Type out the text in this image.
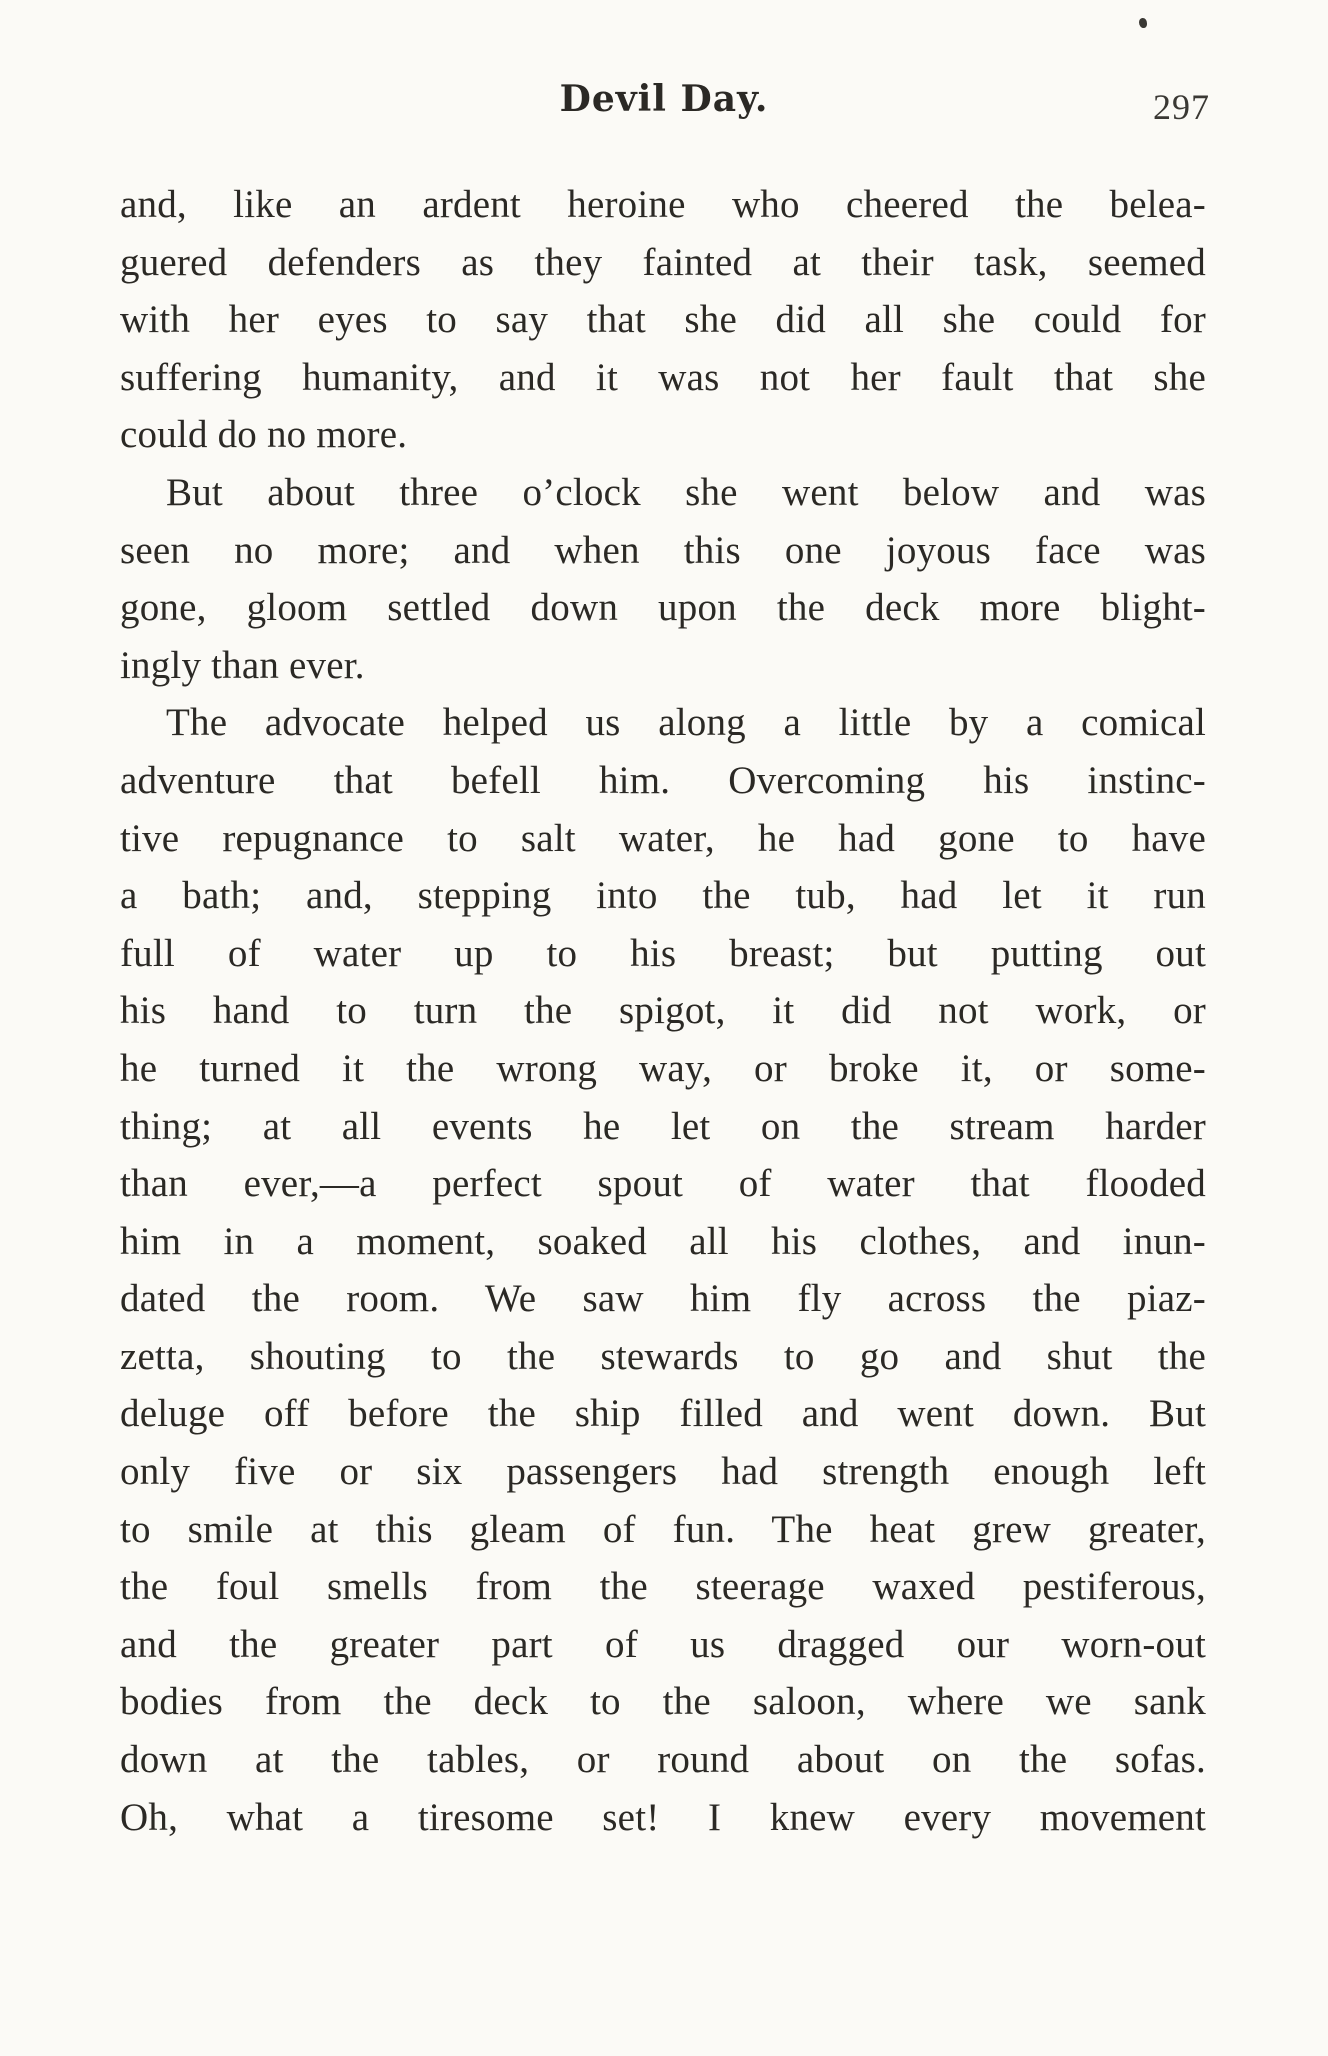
Devil Day.	297
and, like an ardent heroine who cheered the belea-
guered defenders as they fainted at their task, seemed
with her eyes to say that she did all she could for
suffering humanity, and it was not her fault that she
could do no more.
But about three o’clock she went below and was
seen no more; and when this one joyous face was
gone, gloom settled down upon the deck more blight-
ingly than ever.
The advocate helped us along a little by a comical
adventure that befell him. Overcoming his instinc-
tive repugnance to salt water, he had gone to have
a bath; and, stepping into the tub, had let it run
full of water up to his breast; but putting out
his hand to turn the spigot, it did not work, or
he turned it the wrong way, or broke it, or some-
thing; at all events he let on the stream harder
than ever,—a perfect spout of water that flooded
him in a moment, soaked all his clothes, and inun-
dated the room. We saw him fly across the piaz-
zetta, shouting to the stewards to go and shut the
deluge off before the ship filled and went down. But
only five or six passengers had strength enough left
to smile at this gleam of fun. The heat grew greater,
the foul smells from the steerage waxed pestiferous,
and the greater part of us dragged our worn-out
bodies from the deck to the saloon, where we sank
down at the tables, or round about on the sofas.
Oh, what a tiresome set! I knew every movement
